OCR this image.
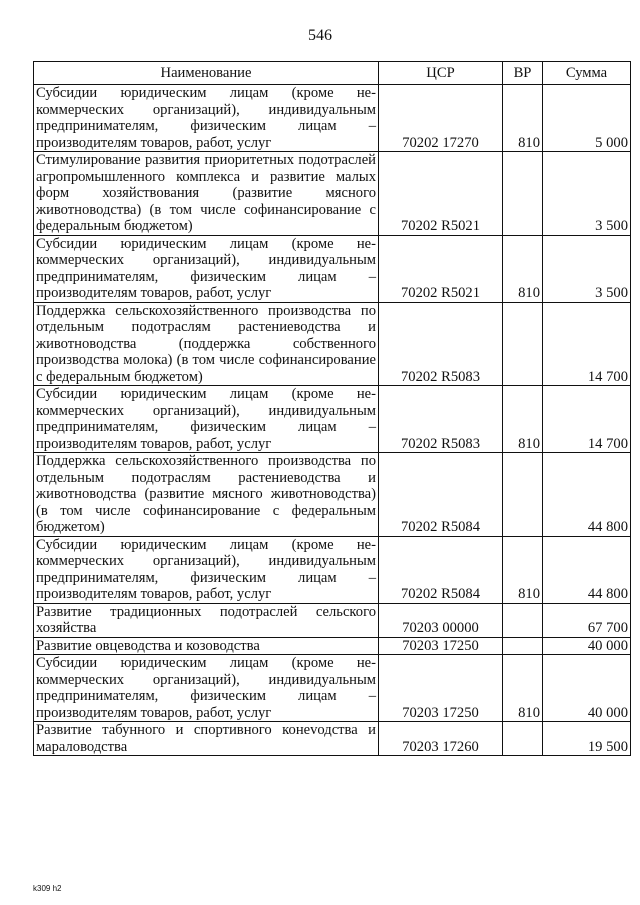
546
Наименование	ЦСР	ВР	Сумма
Субсидии юридическим лицам (кроме некоммерческих организаций), индивидуальным предпринимателям, физическим лицам – производителям товаров, работ, услуг	70202 17270	810	5 000
Стимулирование развития приоритетных подотраслей агропромышленного комплекса и развитие малых форм хозяйствования (развитие мясного животноводства) (в том числе софинансирование с федеральным бюджетом)	70202 R5021		3 500
Субсидии юридическим лицам (кроме некоммерческих организаций), индивидуальным предпринимателям, физическим лицам – производителям товаров, работ, услуг	70202 R5021	810	3 500
Поддержка сельскохозяйственного производства по отдельным подотраслям растениеводства и животноводства (поддержка собственного производства молока) (в том числе софинансирование с федеральным бюджетом)	70202 R5083		14 700
Субсидии юридическим лицам (кроме некоммерческих организаций), индивидуальным предпринимателям, физическим лицам – производителям товаров, работ, услуг	70202 R5083	810	14 700
Поддержка сельскохозяйственного производства по отдельным подотраслям растениеводства и животноводства (развитие мясного животноводства) (в том числе софинансирование с федеральным бюджетом)	70202 R5084		44 800
Субсидии юридическим лицам (кроме некоммерческих организаций), индивидуальным предпринимателям, физическим лицам – производителям товаров, работ, услуг	70202 R5084	810	44 800
Развитие традиционных подотраслей сельского хозяйства	70203 00000		67 700
Развитие овцеводства и козоводства	70203 17250		40 000
Субсидии юридическим лицам (кроме некоммерческих организаций), индивидуальным предпринимателям, физическим лицам – производителям товаров, работ, услуг	70203 17250	810	40 000
Развитие табунного и спортивного конevодства и мараловодства	70203 17260		19 500
k309 h2
